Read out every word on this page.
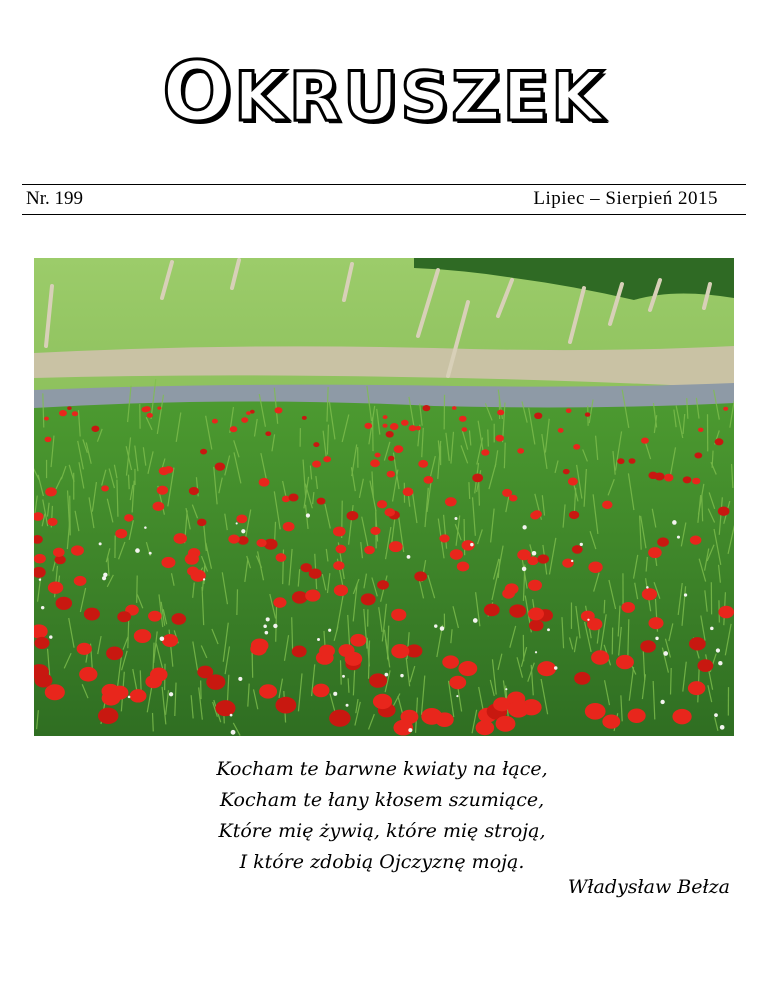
OKRUSZEK
Nr. 199	Lipiec – Sierpień 2015
Kocham te barwne kwiaty na łące,
Kocham te łany kłosem szumiące,
Które mię żywią, które mię stroją,
I które zdobią Ojczyznę moją.
Władysław Bełza
